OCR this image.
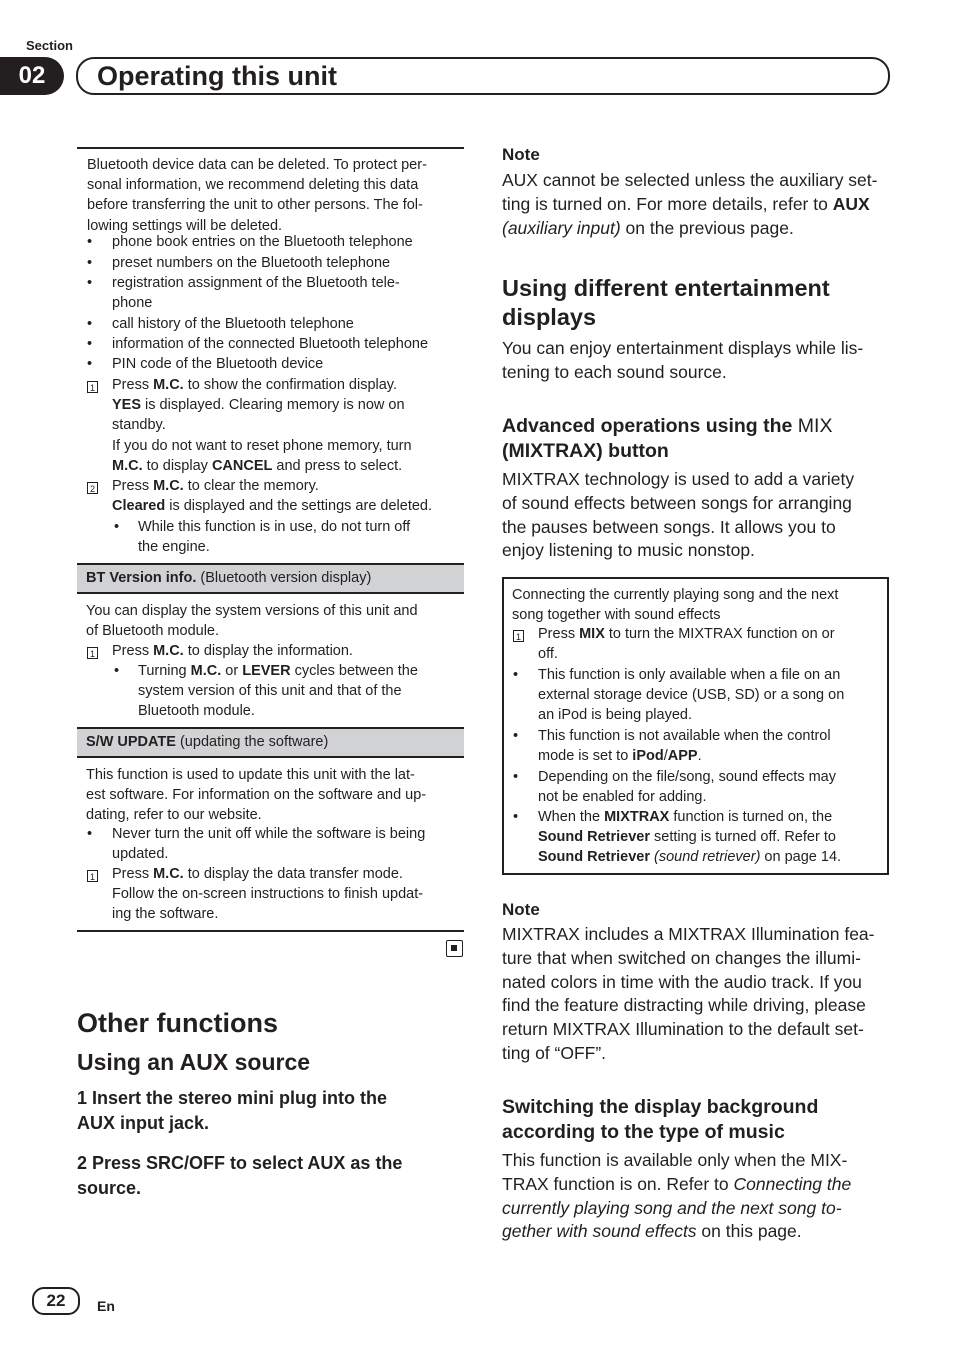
Section
02	Operating this unit
Bluetooth device data can be deleted. To protect per-
sonal information, we recommend deleting this data
before transferring the unit to other persons. The fol-
lowing settings will be deleted.
• phone book entries on the Bluetooth telephone
• preset numbers on the Bluetooth telephone
• registration assignment of the Bluetooth tele-
phone
• call history of the Bluetooth telephone
• information of the connected Bluetooth telephone
• PIN code of the Bluetooth device
1 Press M.C. to show the confirmation display.
YES is displayed. Clearing memory is now on
standby.
If you do not want to reset phone memory, turn
M.C. to display CANCEL and press to select.
2 Press M.C. to clear the memory.
Cleared is displayed and the settings are deleted.
• While this function is in use, do not turn off
the engine.
BT Version info. (Bluetooth version display)
You can display the system versions of this unit and
of Bluetooth module.
1 Press M.C. to display the information.
• Turning M.C. or LEVER cycles between the
system version of this unit and that of the
Bluetooth module.
S/W UPDATE (updating the software)
This function is used to update this unit with the lat-
est software. For information on the software and up-
dating, refer to our website.
• Never turn the unit off while the software is being
updated.
1 Press M.C. to display the data transfer mode.
Follow the on-screen instructions to finish updat-
ing the software.
Other functions
Using an AUX source
1 Insert the stereo mini plug into the
AUX input jack.
2 Press SRC/OFF to select AUX as the
source.
Note
AUX cannot be selected unless the auxiliary set-
ting is turned on. For more details, refer to AUX
(auxiliary input) on the previous page.
Using different entertainment
displays
You can enjoy entertainment displays while lis-
tening to each sound source.
Advanced operations using the MIX
(MIXTRAX) button
MIXTRAX technology is used to add a variety
of sound effects between songs for arranging
the pauses between songs. It allows you to
enjoy listening to music nonstop.
Connecting the currently playing song and the next
song together with sound effects
1 Press MIX to turn the MIXTRAX function on or
off.
• This function is only available when a file on an
external storage device (USB, SD) or a song on
an iPod is being played.
• This function is not available when the control
mode is set to iPod/APP.
• Depending on the file/song, sound effects may
not be enabled for adding.
• When the MIXTRAX function is turned on, the
Sound Retriever setting is turned off. Refer to
Sound Retriever (sound retriever) on page 14.
Note
MIXTRAX includes a MIXTRAX Illumination fea-
ture that when switched on changes the illumi-
nated colors in time with the audio track. If you
find the feature distracting while driving, please
return MIXTRAX Illumination to the default set-
ting of “OFF”.
Switching the display background
according to the type of music
This function is available only when the MIX-
TRAX function is on. Refer to Connecting the
currently playing song and the next song to-
gether with sound effects on this page.
22	En
